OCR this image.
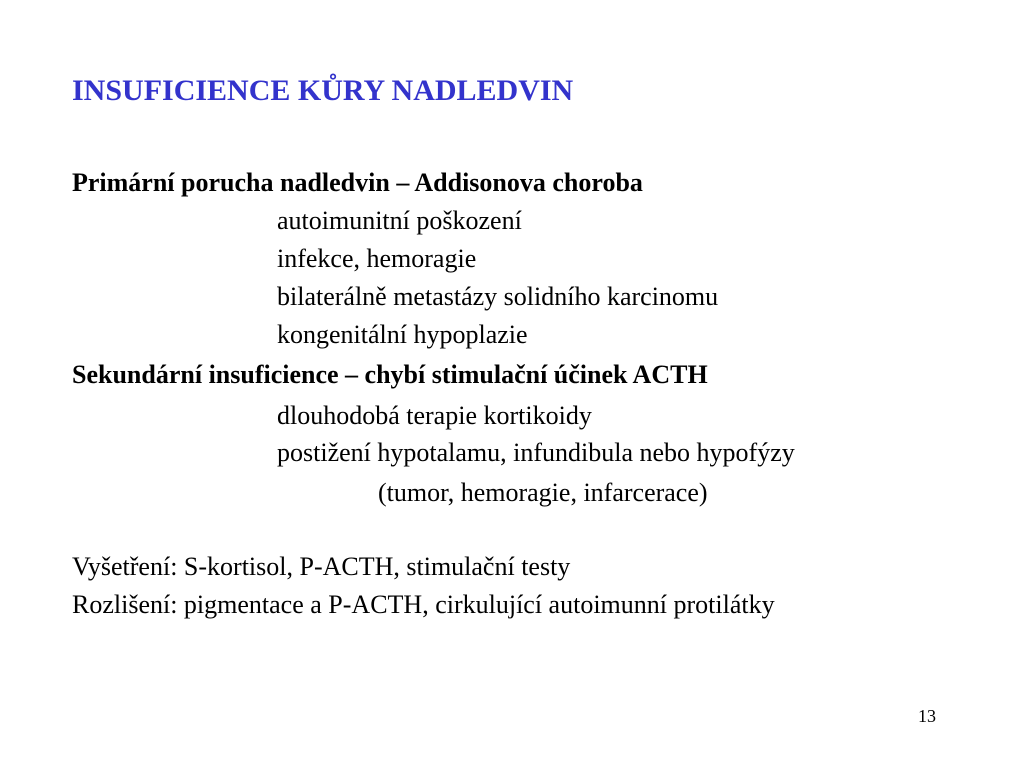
INSUFICIENCE KŮRY NADLEDVIN
Primární porucha nadledvin – Addisonova choroba
autoimunitní poškození
infekce, hemoragie
bilaterálně metastázy solidního karcinomu
kongenitální hypoplazie
Sekundární insuficience – chybí stimulační účinek ACTH
dlouhodobá terapie kortikoidy
postižení hypotalamu, infundibula nebo hypofýzy
(tumor, hemoragie, infarcerace)
Vyšetření: S-kortisol, P-ACTH, stimulační testy
Rozlišení: pigmentace a P-ACTH, cirkulující autoimunní protilátky
13
